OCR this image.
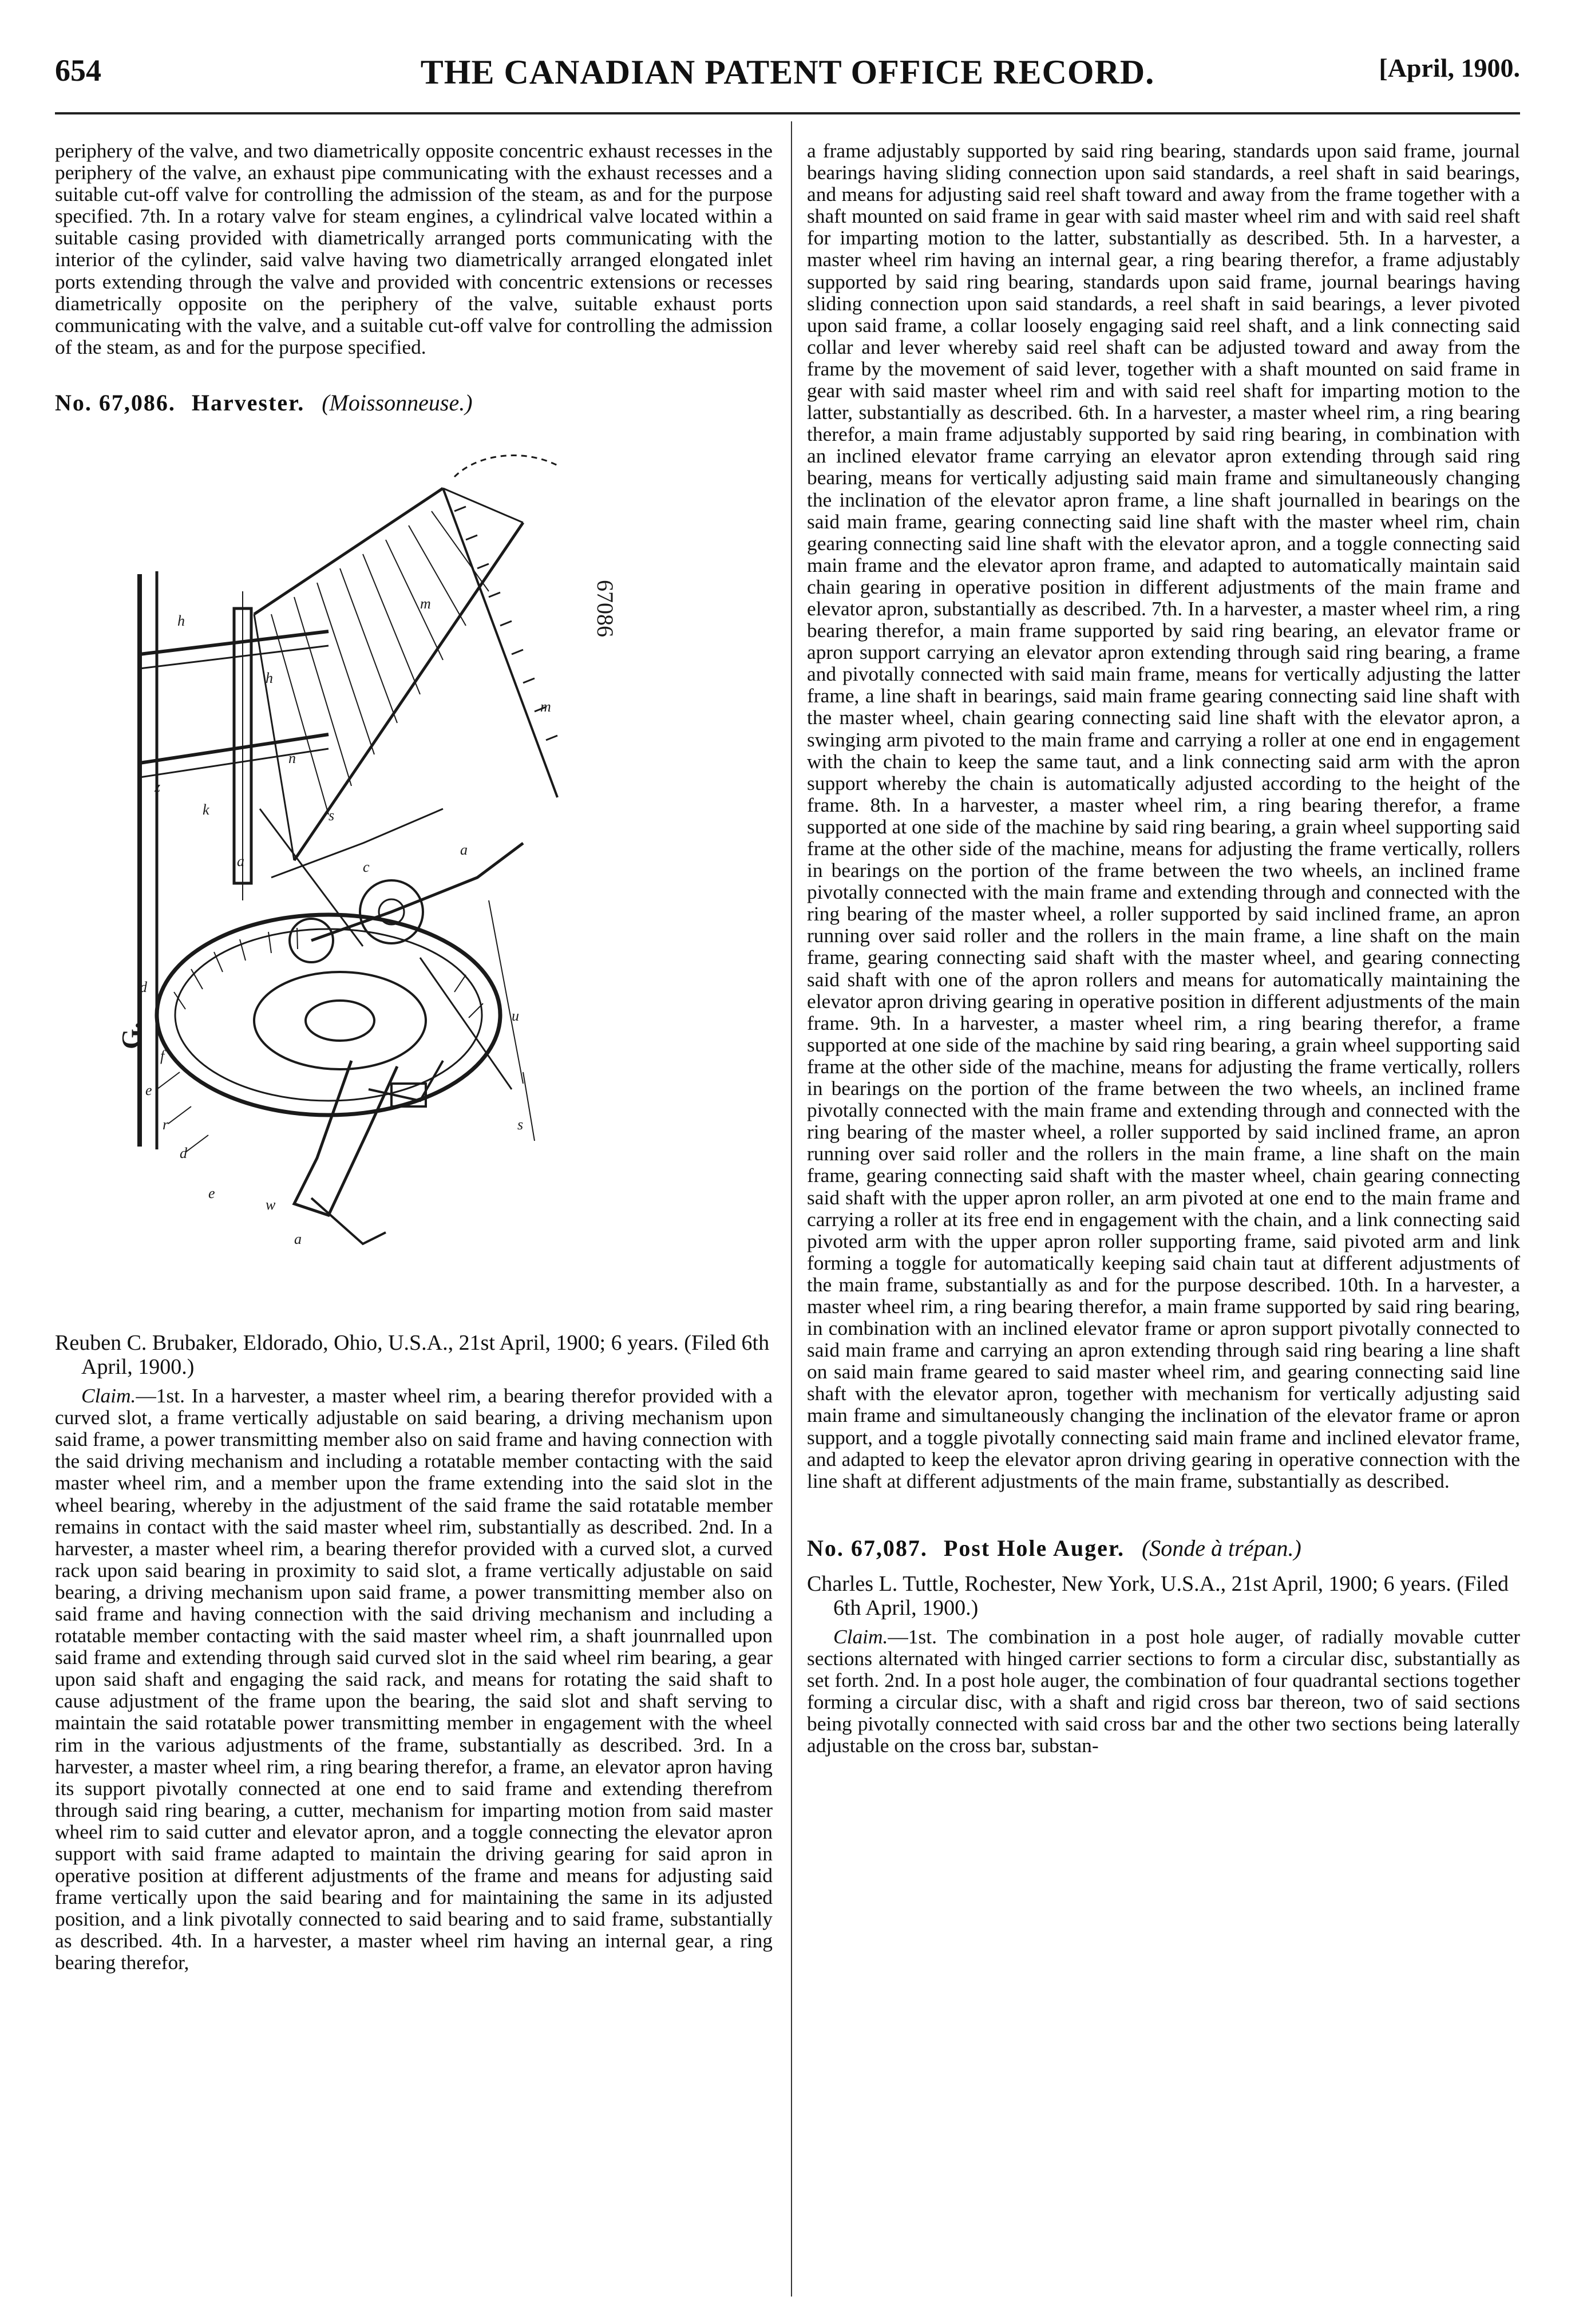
654	THE CANADIAN PATENT OFFICE RECORD.	[April, 1900.

periphery of the valve, and two diametrically opposite concentric exhaust recesses in the periphery of the valve, an exhaust pipe communicating with the exhaust recesses and a suitable cut-off valve for controlling the admission of the steam, as and for the purpose specified. 7th. In a rotary valve for steam engines, a cylindrical valve located within a suitable casing provided with diametrically arranged ports communicating with the interior of the cylinder, said valve having two diametrically arranged elongated inlet ports extending through the valve and provided with concentric extensions or recesses diametrically opposite on the periphery of the valve, suitable exhaust ports communicating with the valve, and a suitable cut-off valve for controlling the admission of the steam, as and for the purpose specified.

No. 67,086. Harvester. (Moissonneuse.)
h
z
k
h
n
s
a	c
a
d
f
e
r
d
e
w
a
u
s
m
m
G.
67086

Reuben C. Brubaker, Eldorado, Ohio, U.S.A., 21st April, 1900; 6 years. (Filed 6th April, 1900.)

Claim.—1st. In a harvester, a master wheel rim, a bearing therefor provided with a curved slot, a frame vertically adjustable on said bearing, a driving mechanism upon said frame, a power transmitting member also on said frame and having connection with the said driving mechanism and including a rotatable member contacting with the said master wheel rim, and a member upon the frame extending into the said slot in the wheel bearing, whereby in the adjustment of the said frame the said rotatable member remains in contact with the said master wheel rim, substantially as described. 2nd. In a harvester, a master wheel rim, a bearing therefor provided with a curved slot, a curved rack upon said bearing in proximity to said slot, a frame vertically adjustable on said bearing, a driving mechanism upon said frame, a power transmitting member also on said frame and having connection with the said driving mechanism and including a rotatable member contacting with the said master wheel rim, a shaft jounrnalled upon said frame and extending through said curved slot in the said wheel rim bearing, a gear upon said shaft and engaging the said rack, and means for rotating the said shaft to cause adjustment of the frame upon the bearing, the said slot and shaft serving to maintain the said rotatable power transmitting member in engagement with the wheel rim in the various adjustments of the frame, substantially as described. 3rd. In a harvester, a master wheel rim, a ring bearing therefor, a frame, an elevator apron having its support pivotally connected at one end to said frame and extending therefrom through said ring bearing, a cutter, mechanism for imparting motion from said master wheel rim to said cutter and elevator apron, and a toggle connecting the elevator apron support with said frame adapted to maintain the driving gearing for said apron in operative position at different adjustments of the frame and means for adjusting said frame vertically upon the said bearing and for maintaining the same in its adjusted position, and a link pivotally connected to said bearing and to said frame, substantially as described. 4th. In a harvester, a master wheel rim having an internal gear, a ring bearing therefor,

a frame adjustably supported by said ring bearing, standards upon said frame, journal bearings having sliding connection upon said standards, a reel shaft in said bearings, and means for adjusting said reel shaft toward and away from the frame together with a shaft mounted on said frame in gear with said master wheel rim and with said reel shaft for imparting motion to the latter, substantially as described. 5th. In a harvester, a master wheel rim having an internal gear, a ring bearing therefor, a frame adjustably supported by said ring bearing, standards upon said frame, journal bearings having sliding connection upon said standards, a reel shaft in said bearings, a lever pivoted upon said frame, a collar loosely engaging said reel shaft, and a link connecting said collar and lever whereby said reel shaft can be adjusted toward and away from the frame by the movement of said lever, together with a shaft mounted on said frame in gear with said master wheel rim and with said reel shaft for imparting motion to the latter, substantially as described. 6th. In a harvester, a master wheel rim, a ring bearing therefor, a main frame adjustably supported by said ring bearing, in combination with an inclined elevator frame carrying an elevator apron extending through said ring bearing, means for vertically adjusting said main frame and simultaneously changing the inclination of the elevator apron frame, a line shaft journalled in bearings on the said main frame, gearing connecting said line shaft with the master wheel rim, chain gearing connecting said line shaft with the elevator apron, and a toggle connecting said main frame and the elevator apron frame, and adapted to automatically maintain said chain gearing in operative position in different adjustments of the main frame and elevator apron, substantially as described. 7th. In a harvester, a master wheel rim, a ring bearing therefor, a main frame supported by said ring bearing, an elevator frame or apron support carrying an elevator apron extending through said ring bearing, a frame and pivotally connected with said main frame, means for vertically adjusting the latter frame, a line shaft in bearings, said main frame gearing connecting said line shaft with the master wheel, chain gearing connecting said line shaft with the elevator apron, a swinging arm pivoted to the main frame and carrying a roller at one end in engagement with the chain to keep the same taut, and a link connecting said arm with the apron support whereby the chain is automatically adjusted according to the height of the frame. 8th. In a harvester, a master wheel rim, a ring bearing therefor, a frame supported at one side of the machine by said ring bearing, a grain wheel supporting said frame at the other side of the machine, means for adjusting the frame vertically, rollers in bearings on the portion of the frame between the two wheels, an inclined frame pivotally connected with the main frame and extending through and connected with the ring bearing of the master wheel, a roller supported by said inclined frame, an apron running over said roller and the rollers in the main frame, a line shaft on the main frame, gearing connecting said shaft with the master wheel, and gearing connecting said shaft with one of the apron rollers and means for automatically maintaining the elevator apron driving gearing in operative position in different adjustments of the main frame. 9th. In a harvester, a master wheel rim, a ring bearing therefor, a frame supported at one side of the machine by said ring bearing, a grain wheel supporting said frame at the other side of the machine, means for adjusting the frame vertically, rollers in bearings on the portion of the frame between the two wheels, an inclined frame pivotally connected with the main frame and extending through and connected with the ring bearing of the master wheel, a roller supported by said inclined frame, an apron running over said roller and the rollers in the main frame, a line shaft on the main frame, gearing connecting said shaft with the master wheel, chain gearing connecting said shaft with the upper apron roller, an arm pivoted at one end to the main frame and carrying a roller at its free end in engagement with the chain, and a link connecting said pivoted arm with the upper apron roller supporting frame, said pivoted arm and link forming a toggle for automatically keeping said chain taut at different adjustments of the main frame, substantially as and for the purpose described. 10th. In a harvester, a master wheel rim, a ring bearing therefor, a main frame supported by said ring bearing, in combination with an inclined elevator frame or apron support pivotally connected to said main frame and carrying an apron extending through said ring bearing a line shaft on said main frame geared to said master wheel rim, and gearing connecting said line shaft with the elevator apron, together with mechanism for vertically adjusting said main frame and simultaneously changing the inclination of the elevator frame or apron support, and a toggle pivotally connecting said main frame and inclined elevator frame, and adapted to keep the elevator apron driving gearing in operative connection with the line shaft at different adjustments of the main frame, substantially as described.

No. 67,087. Post Hole Auger. (Sonde à trépan.)

Charles L. Tuttle, Rochester, New York, U.S.A., 21st April, 1900; 6 years. (Filed 6th April, 1900.)

Claim.—1st. The combination in a post hole auger, of radially movable cutter sections alternated with hinged carrier sections to form a circular disc, substantially as set forth. 2nd. In a post hole auger, the combination of four quadrantal sections together forming a circular disc, with a shaft and rigid cross bar thereon, two of said sections being pivotally connected with said cross bar and the other two sections being laterally adjustable on the cross bar, substan-
